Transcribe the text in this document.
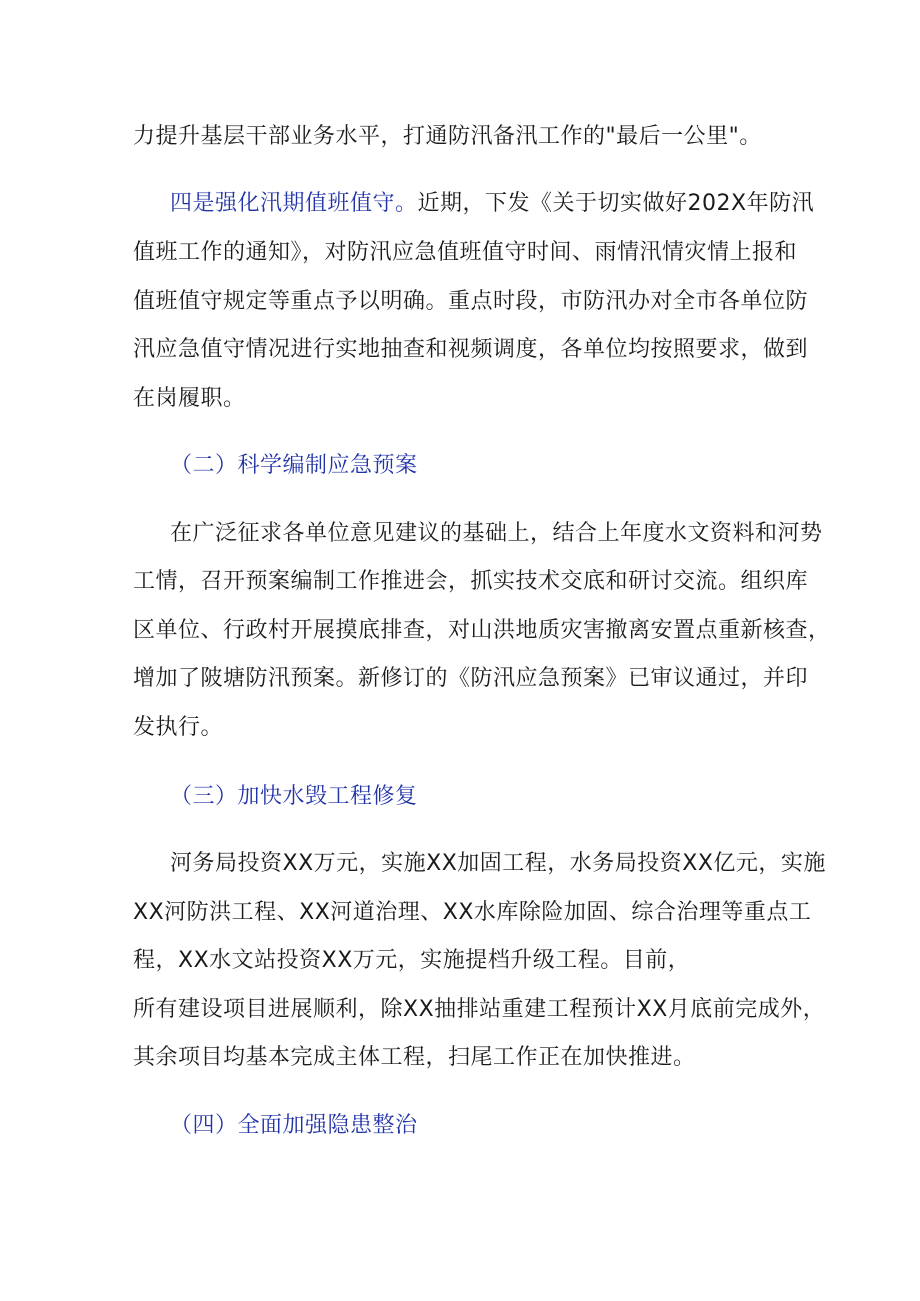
力提升基层干部业务水平，打通防汛备汛工作的"最后一公里"。
四是强化汛期值班值守。近期，下发《关于切实做好202X年防汛
值班工作的通知》，对防汛应急值班值守时间、雨情汛情灾情上报和
值班值守规定等重点予以明确。重点时段，市防汛办对全市各单位防
汛应急值守情况进行实地抽查和视频调度，各单位均按照要求，做到
在岗履职。
（二）科学编制应急预案
在广泛征求各单位意见建议的基础上，结合上年度水文资料和河势
工情，召开预案编制工作推进会，抓实技术交底和研讨交流。组织库
区单位、行政村开展摸底排查，对山洪地质灾害撤离安置点重新核查，
增加了陂塘防汛预案。新修订的《防汛应急预案》已审议通过，并印
发执行。
（三）加快水毁工程修复
河务局投资XX万元，实施XX加固工程，水务局投资XX亿元，实施
XX河防洪工程、XX河道治理、XX水库除险加固、综合治理等重点工
程，XX水文站投资XX万元，实施提档升级工程。目前，
所有建设项目进展顺利，除XX抽排站重建工程预计XX月底前完成外，
其余项目均基本完成主体工程，扫尾工作正在加快推进。
（四）全面加强隐患整治
